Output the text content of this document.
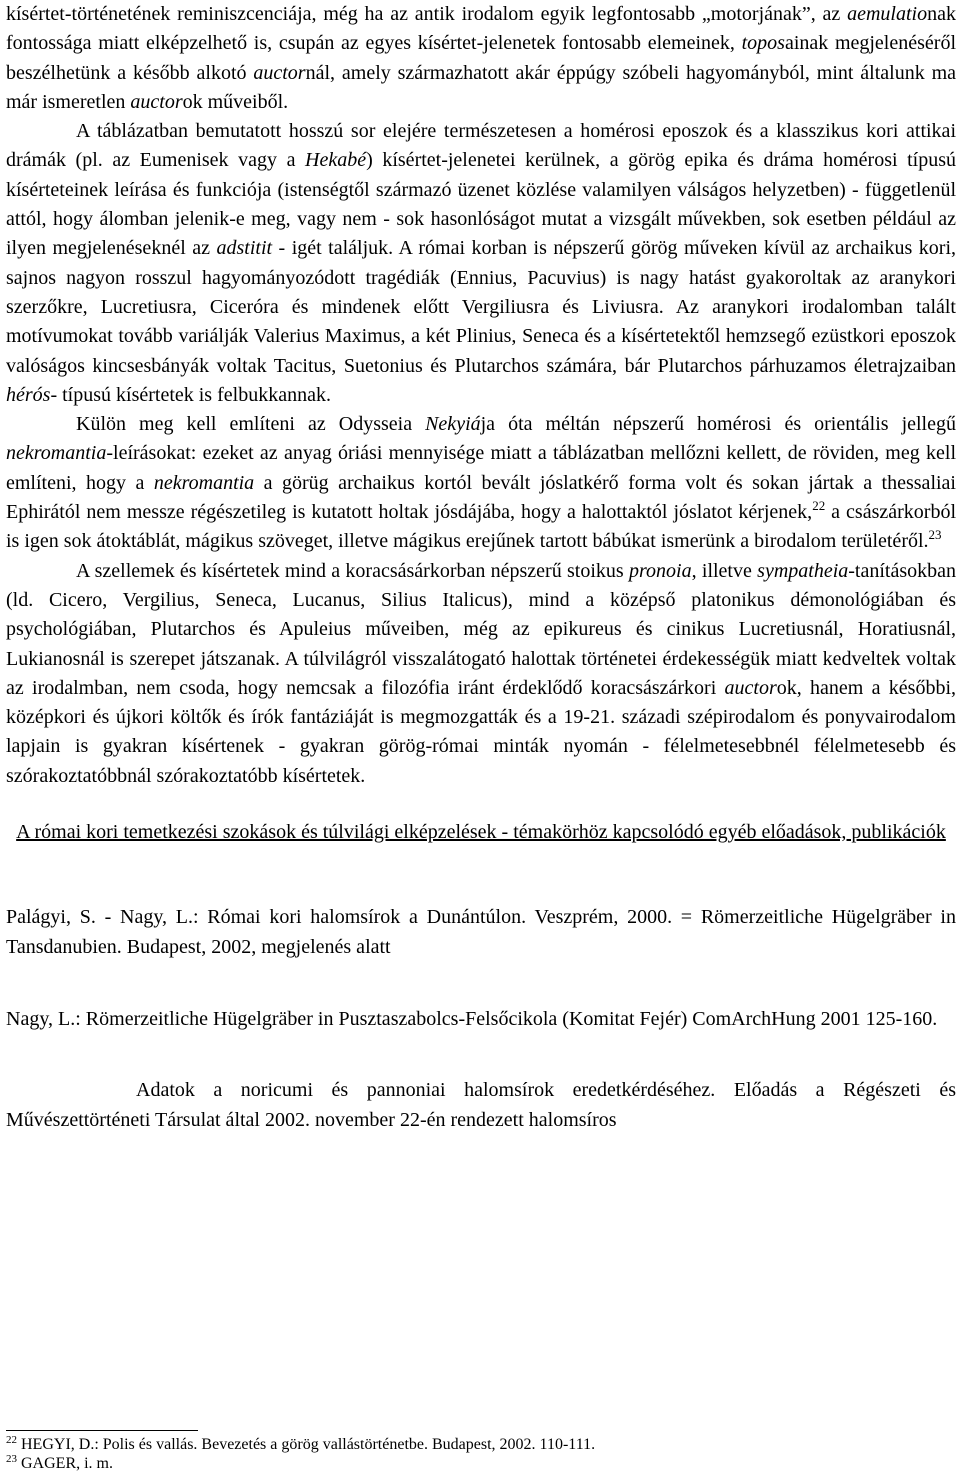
kísértet-történetének reminiszcenciája, még ha az antik irodalom egyik legfontosabb „motorjának”, az aemulationak fontossága miatt elképzelhető is, csupán az egyes kísértet-jelenetek fontosabb elemeinek, toposainak megjelenéséről beszélhetünk a később alkotó auctornál, amely származhatott akár éppúgy szóbeli hagyományból, mint általunk ma már ismeretlen auctorok műveiből.

A táblázatban bemutatott hosszú sor elejére természetesen a homérosi eposzok és a klasszikus kori attikai drámák (pl. az Eumenisek vagy a Hekabé) kísértet-jelenetei kerülnek, a görög epika és dráma homérosi típusú kísérteteinek leírása és funkciója (istenségtől származó üzenet közlése valamilyen válságos helyzetben) - függetlenül attól, hogy álomban jelenik-e meg, vagy nem - sok hasonlóságot mutat a vizsgált művekben, sok esetben például az ilyen megjelenéseknél az adstitit - igét találjuk. A római korban is népszerű görög műveken kívül az archaikus kori, sajnos nagyon rosszul hagyományozódott tragédiák (Ennius, Pacuvius) is nagy hatást gyakoroltak az aranykori szerzőkre, Lucretiusra, Ciceróra és mindenek előtt Vergiliusra és Liviusra. Az aranykori irodalomban talált motívumokat tovább variálják Valerius Maximus, a két Plinius, Seneca és a kísértetektől hemzsegő ezüstkori eposzok valóságos kincsesbányák voltak Tacitus, Suetonius és Plutarchos számára, bár Plutarchos párhuzamos életrajzaiban hérós- típusú kísértetek is felbukkannak.

Külön meg kell említeni az Odysseia Nekyiája óta méltán népszerű homérosi és orientális jellegű nekromantia-leírásokat: ezeket az anyag óriási mennyisége miatt a táblázatban mellőzni kellett, de röviden, meg kell említeni, hogy a nekromantia a görüg archaikus kortól bevált jóslatkérő forma volt és sokan jártak a thessaliai Ephirától nem messze régészetileg is kutatott holtak jósdájába, hogy a halottaktól jóslatot kérjenek,$^{22}$ a császárkorból is igen sok átoktáblát, mágikus szöveget, illetve mágikus erejűnek tartott bábúkat ismerünk a birodalom területéről.$^{23}$

A szellemek és kísértetek mind a koracsásárkorban népszerű stoikus pronoia, illetve sympatheia-tanításokban (ld. Cicero, Vergilius, Seneca, Lucanus, Silius Italicus), mind a középső platonikus démonológiában és psychológiában, Plutarchos és Apuleius műveiben, még az epikureus és cinikus Lucretiusnál, Horatiusnál, Lukianosnál is szerepet játszanak. A túlvilágról visszalátogató halottak történetei érdekességük miatt kedveltek voltak az irodalmban, nem csoda, hogy nemcsak a filozófia iránt érdeklődő koracsászárkori auctorok, hanem a későbbi, középkori és újkori költők és írók fantáziáját is megmozgatták és a 19-21. századi szépirodalom és ponyvairodalom lapjain is gyakran kísértenek - gyakran görög-római minták nyomán - félelmetesebbnél félelmetesebb és szórakoztatóbbnál szórakoztatóbb kísértetek.

A római kori temetkezési szokások és túlvilági elképzelések - témakörhöz kapcsolódó egyéb előadások, publikációk

Palágyi, S. - Nagy, L.: Római kori halomsírok a Dunántúlon. Veszprém, 2000. = Römerzeitliche Hügelgräber in Tansdanubien. Budapest, 2002, megjelenés alatt

Nagy, L.: Römerzeitliche Hügelgräber in Pusztaszabolcs-Felsőcikola (Komitat Fejér) ComArchHung 2001 125-160.

Adatok a noricumi és pannoniai halomsírok eredetkérdéséhez. Előadás a Régészeti és Művészettörténeti Társulat által 2002. november 22-én rendezett halomsíros

$^{22}$ HEGYI, D.: Polis és vallás. Bevezetés a görög vallástörténetbe. Budapest, 2002. 110-111.

$^{23}$ GAGER, i. m.
